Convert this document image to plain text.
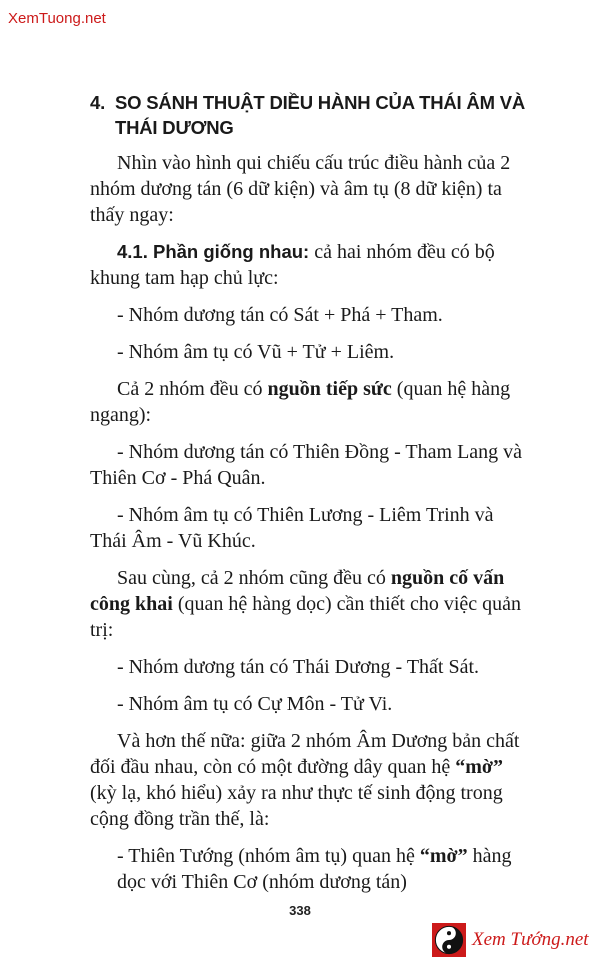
XemTuong.net
4. SO SÁNH THUẬT DIỀU HÀNH CỦA THÁI ÂM VÀ THÁI DƯƠNG

Nhìn vào hình qui chiếu cấu trúc điều hành của 2 nhóm dương tán (6 dữ kiện) và âm tụ (8 dữ kiện) ta thấy ngay:

4.1. Phần giống nhau: cả hai nhóm đều có bộ khung tam hạp chủ lực:

- Nhóm dương tán có Sát + Phá + Tham.

- Nhóm âm tụ có Vũ + Tử + Liêm.

Cả 2 nhóm đều có nguồn tiếp sức (quan hệ hàng ngang):

- Nhóm dương tán có Thiên Đồng - Tham Lang và Thiên Cơ - Phá Quân.

- Nhóm âm tụ có Thiên Lương - Liêm Trinh và Thái Âm - Vũ Khúc.

Sau cùng, cả 2 nhóm cũng đều có nguồn cố vấn công khai (quan hệ hàng dọc) cần thiết cho việc quản trị:

- Nhóm dương tán có Thái Dương - Thất Sát.

- Nhóm âm tụ có Cự Môn - Tử Vi.

Và hơn thế nữa: giữa 2 nhóm Âm Dương bản chất đối đầu nhau, còn có một đường dây quan hệ “mờ” (kỳ lạ, khó hiểu) xảy ra như thực tế sinh động trong cộng đồng trần thế, là:

- Thiên Tướng (nhóm âm tụ) quan hệ “mờ” hàng dọc với Thiên Cơ (nhóm dương tán)

338
Xem Tướng.net
